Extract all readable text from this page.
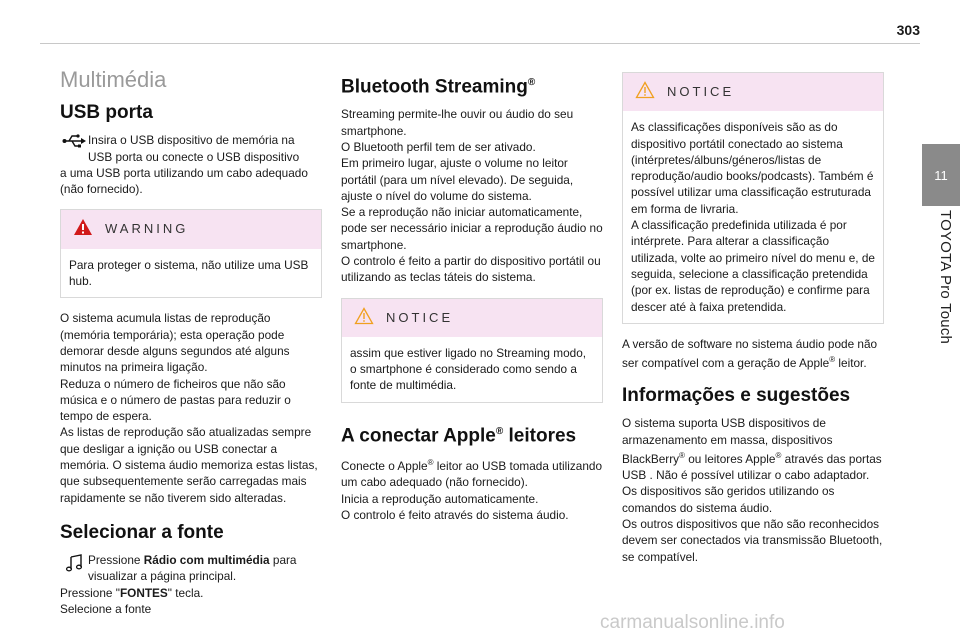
303
11
TOYOTA Pro Touch
Multimédia
USB porta

Insira o USB dispositivo de memória na USB porta ou conecte o USB dispositivo

a uma USB porta utilizando um cabo adequado (não fornecido).

WARNING

Para proteger o sistema, não utilize uma USB hub.

O sistema acumula listas de reprodução (memória temporária); esta operação pode demorar desde alguns segundos até alguns minutos na primeira ligação.

Reduza o número de ficheiros que não são música e o número de pastas para reduzir o tempo de espera.

As listas de reprodução são atualizadas sempre que desligar a ignição ou USB conectar a memória. O sistema áudio memoriza estas listas, que subsequentemente serão carregadas mais rapidamente se não tiverem sido alteradas.

Selecionar a fonte

Pressione Rádio com multimédia para visualizar a página principal.

Pressione "FONTES" tecla.

Selecione a fonte

Bluetooth Streaming®

Streaming permite-lhe ouvir ou áudio do seu smartphone.

O Bluetooth perfil tem de ser ativado.

Em primeiro lugar, ajuste o volume no leitor portátil (para um nível elevado). De seguida, ajuste o nível do volume do sistema.

Se a reprodução não iniciar automaticamente, pode ser necessário iniciar a reprodução áudio no smartphone.

O controlo é feito a partir do dispositivo portátil ou utilizando as teclas táteis do sistema.

NOTICE

assim que estiver ligado no Streaming modo, o smartphone é considerado como sendo a fonte de multimédia.

A conectar Apple® leitores

Conecte o Apple® leitor ao USB tomada utilizando um cabo adequado (não fornecido).

Inicia a reprodução automaticamente.

O controlo é feito através do sistema áudio.

NOTICE

As classificações disponíveis são as do dispositivo portátil conectado ao sistema (intérpretes/álbuns/géneros/listas de reprodução/audio books/podcasts). Também é possível utilizar uma classificação estruturada em forma de livraria.

A classificação predefinida utilizada é por intérprete. Para alterar a classificação utilizada, volte ao primeiro nível do menu e, de seguida, selecione a classificação pretendida (por ex. listas de reprodução) e confirme para descer até à faixa pretendida.

A versão de software no sistema áudio pode não ser compatível com a geração de Apple® leitor.

Informações e sugestões

O sistema suporta USB dispositivos de armazenamento em massa, dispositivos BlackBerry® ou leitores Apple® através das portas USB . Não é possível utilizar o cabo adaptador.

Os dispositivos são geridos utilizando os comandos do sistema áudio.

Os outros dispositivos que não são reconhecidos devem ser conectados via transmissão Bluetooth, se compatível.

carmanualsonline.info
